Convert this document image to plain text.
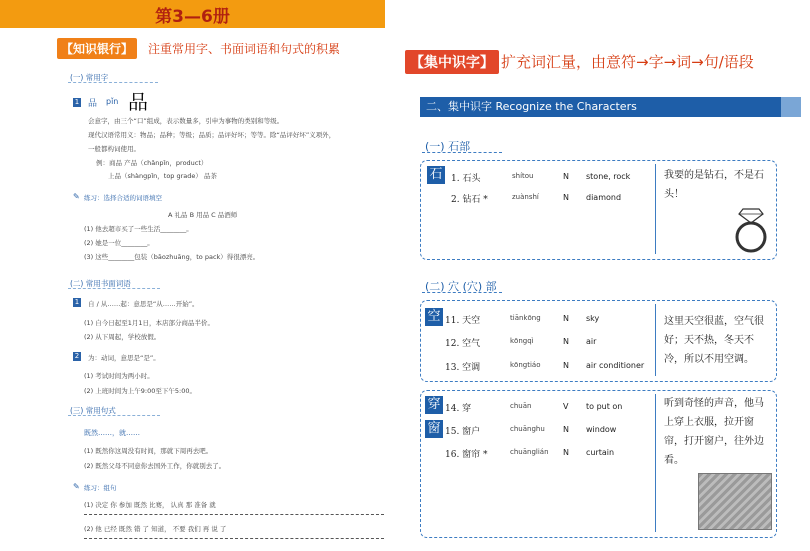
第3—6册
【知识银行】	注重常用字、书面词语和句式的积累
(一) 常用字
1 品 pǐn 品
会意字，由三个“口”组成，表示数量多，引申为事物的类别和等级。
现代汉语常用义：物品；品种；等级；品质；品评好坏；等等。除“品评好坏”义项外，
一般都构词使用。
例：商品 产品（chǎnpǐn，product）
上品（shàngpǐn，top grade） 品茶
✎ 练习：选择合适的词语填空
A 礼品 B 用品 C 品酒师
(1) 他去超市买了一些生活________。
(2) 她是一位________。
(3) 这些________包装（bāozhuāng，to pack）得很漂亮。
(二) 常用书面词语
1 自 / 从……起：意思是“从……开始”。
(1) 自今日起至1月1日，本店部分商品半价。
(2) 从下周起，学校放假。
2 为：动词，意思是“是”。
(1) 考试时间为两小时。
(2) 上班时间为上午9:00至下午5:00。
(三) 常用句式
既然……，就……
(1) 既然你这周没有时间，那就下周再去吧。
(2) 既然父母不同意你去国外工作，你就别去了。
✎ 练习：组句
(1) 决定 你 参加 既然 比赛， 认真 那 准备 就
(2) 他 已经 既然 错 了 知道， 不要 我们 再 说 了
【集中识字】 扩充词汇量，由意符→字→词→句/语段
二、集中识字 Recognize the Characters
(一) 石部
石 1. 石头	shítou	N stone, rock
2. 钻石 *	zuànshí	N diamond
我要的是钻石，不是石头！
(二) 穴 (穴) 部
空 11. 天空	tiānkōng	N sky
12. 空气	kōngqì	N air
13. 空调	kōngtiáo	N air conditioner
这里天空很蓝，空气很好；天不热，冬天不冷，所以不用空调。
穿
窗
14. 穿	chuān	V to put on
15. 窗户	chuānghu N window
16. 窗帘 *	chuānglián N curtain
听到奇怪的声音，他马上穿上衣服，拉开窗帘，打开窗户，往外边看。
